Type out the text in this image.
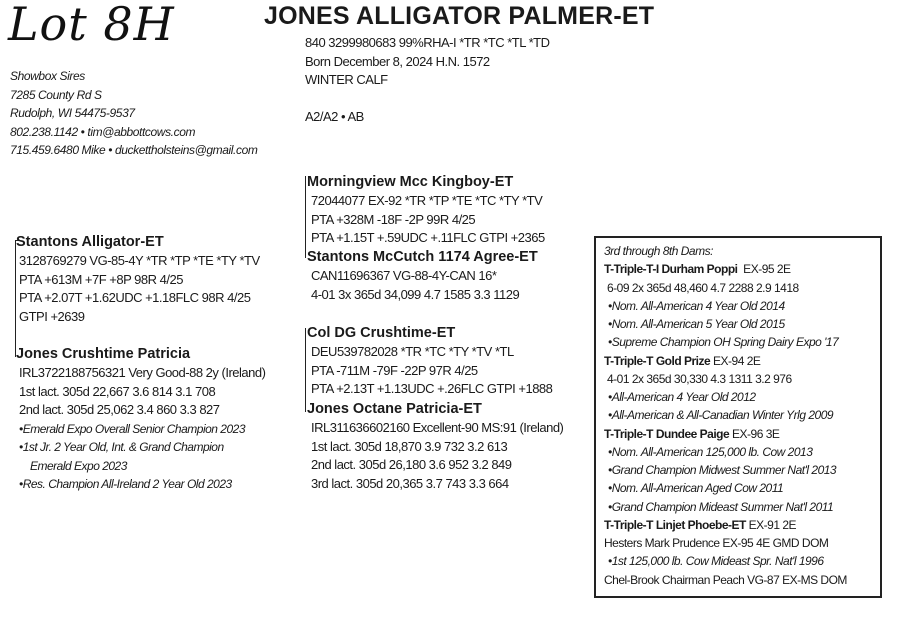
Lot 8H	JONES ALLIGATOR PALMER-ET
840 3299980683 99%RHA-I *TR *TC *TL *TD
Born December 8, 2024 H.N. 1572
WINTER CALF
A2/A2 • AB
Showbox Sires
7285 County Rd S
Rudolph, WI 54475-9537
802.238.1142 • tim@abbottcows.com
715.459.6480 Mike • duckettholsteins@gmail.com
Stantons Alligator-ET
3128769279 VG-85-4Y *TR *TP *TE *TY *TV
PTA +613M +7F +8P 98R 4/25
PTA +2.07T +1.62UDC +1.18FLC 98R 4/25
GTPI +2639
Morningview Mcc Kingboy-ET
72044077 EX-92 *TR *TP *TE *TC *TY *TV
PTA +328M -18F -2P 99R 4/25
PTA +1.15T +.59UDC +.11FLC GTPI +2365
Stantons McCutch 1174 Agree-ET
CAN11696367 VG-88-4Y-CAN 16*
4-01 3x 365d 34,099 4.7 1585 3.3 1129
Jones Crushtime Patricia
IRL372218875632​1 Very Good-88 2y (Ireland)
1st lact. 305d 22,667 3.6 814 3.1 708
2nd lact. 305d 25,062 3.4 860 3.3 827
•Emerald Expo Overall Senior Champion 2023
•1st Jr. 2 Year Old, Int. & Grand Champion
Emerald Expo 2023
•Res. Champion All-Ireland 2 Year Old 2023
Col DG Crushtime-ET
DEU539782028 *TR *TC *TY *TV *TL
PTA -711M -79F -22P 97R 4/25
PTA +2.13T +1.13UDC +.26FLC GTPI +1888
Jones Octane Patricia-ET
IRL311636602160 Excellent-90 MS:91 (Ireland)
1st lact. 305d 18,870 3.9 732 3.2 613
2nd lact. 305d 26,180 3.6 952 3.2 849
3rd lact. 305d 20,365 3.7 743 3.3 664
3rd through 8th Dams:
T-Triple-T-I Durham Poppi  EX-95 2E
6-09 2x 365d 48,460 4.7 2288 2.9 1418
•Nom. All-American 4 Year Old 2014
•Nom. All-American 5 Year Old 2015
•Supreme Champion OH Spring Dairy Expo '17
T-Triple-T Gold Prize EX-94 2E
4-01 2x 365d 30,330 4.3 1311 3.2 976
•All-American 4 Year Old 2012
•All-American & All-Canadian Winter Yrlg 2009
T-Triple-T Dundee Paige EX-96 3E
•Nom. All-American 125,000 lb. Cow 2013
•Grand Champion Midwest Summer Nat'l 2013
•Nom. All-American Aged Cow 2011
•Grand Champion Mideast Summer Nat'l 2011
T-Triple-T Linjet Phoebe-ET EX-91 2E
Hesters Mark Prudence EX-95 4E GMD DOM
•1st 125,000 lb. Cow Mideast Spr. Nat'l 1996
Chel-Brook Chairman Peach VG-87 EX-MS DOM
